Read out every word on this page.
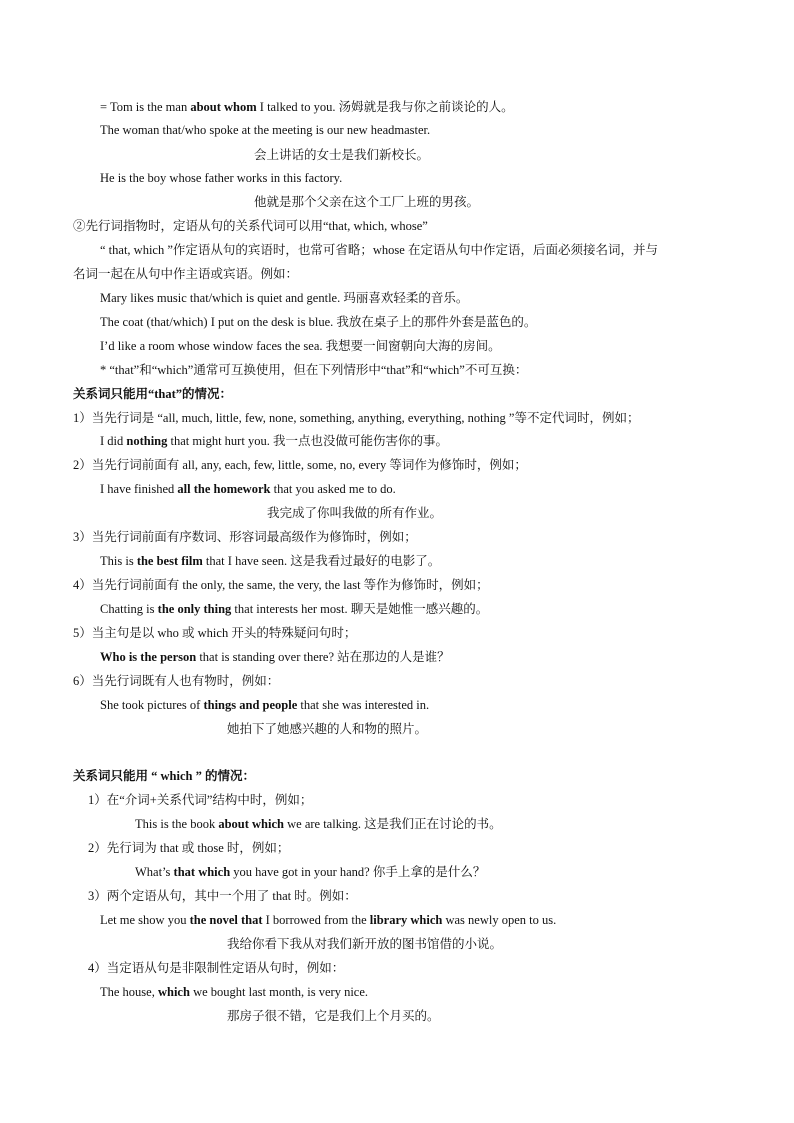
= Tom is the man about whom I talked to you. 汤姆就是我与你之前谈论的人。
The woman that/who spoke at the meeting is our new headmaster.
会上讲话的女士是我们新校长。
He is the boy whose father works in this factory.
他就是那个父亲在这个工厂上班的男孩。
②先行词指物时，定语从句的关系代词可以用“that, which, whose”
“ that, which ”作定语从句的宾语时，也常可省略；whose 在定语从句中作定语，后面必须接名词，并与
名词一起在从句中作主语或宾语。例如：
Mary likes music that/which is quiet and gentle. 玛丽喜欢轻柔的音乐。
The coat (that/which) I put on the desk is blue. 我放在桌子上的那件外套是蓝色的。
I’d like a room whose window faces the sea. 我想要一间窗朝向大海的房间。
* “that”和“which”通常可互换使用，但在下列情形中“that”和“which”不可互换：
关系词只能用“that”的情况：
1）当先行词是 “all, much, little, few, none, something, anything, everything, nothing ”等不定代词时，例如；
I did nothing that might hurt you. 我一点也没做可能伤害你的事。
2）当先行词前面有 all, any, each, few, little, some, no, every 等词作为修饰时，例如；
I have finished all the homework that you asked me to do.
我完成了你叫我做的所有作业。
3）当先行词前面有序数词、形容词最高级作为修饰时，例如；
This is the best film that I have seen. 这是我看过最好的电影了。
4）当先行词前面有 the only, the same, the very, the last 等作为修饰时，例如；
Chatting is the only thing that interests her most. 聊天是她惟一感兴趣的。
5）当主句是以 who 或 which 开头的特殊疑问句时；
Who is the person that is standing over there? 站在那边的人是谁？
6）当先行词既有人也有物时，例如：
She took pictures of things and people that she was interested in.
她拍下了她感兴趣的人和物的照片。
关系词只能用 “ which ” 的情况：
1）在“介词+关系代词”结构中时，例如；
This is the book about which we are talking. 这是我们正在讨论的书。
2）先行词为 that 或 those 时，例如；
What’s that which you have got in your hand? 你手上拿的是什么？
3）两个定语从句，其中一个用了 that 时。例如：
Let me show you the novel that I borrowed from the library which was newly open to us.
我给你看下我从对我们新开放的图书馆借的小说。
4）当定语从句是非限制性定语从句时，例如：
The house, which we bought last month, is very nice.
那房子很不错，它是我们上个月买的。
